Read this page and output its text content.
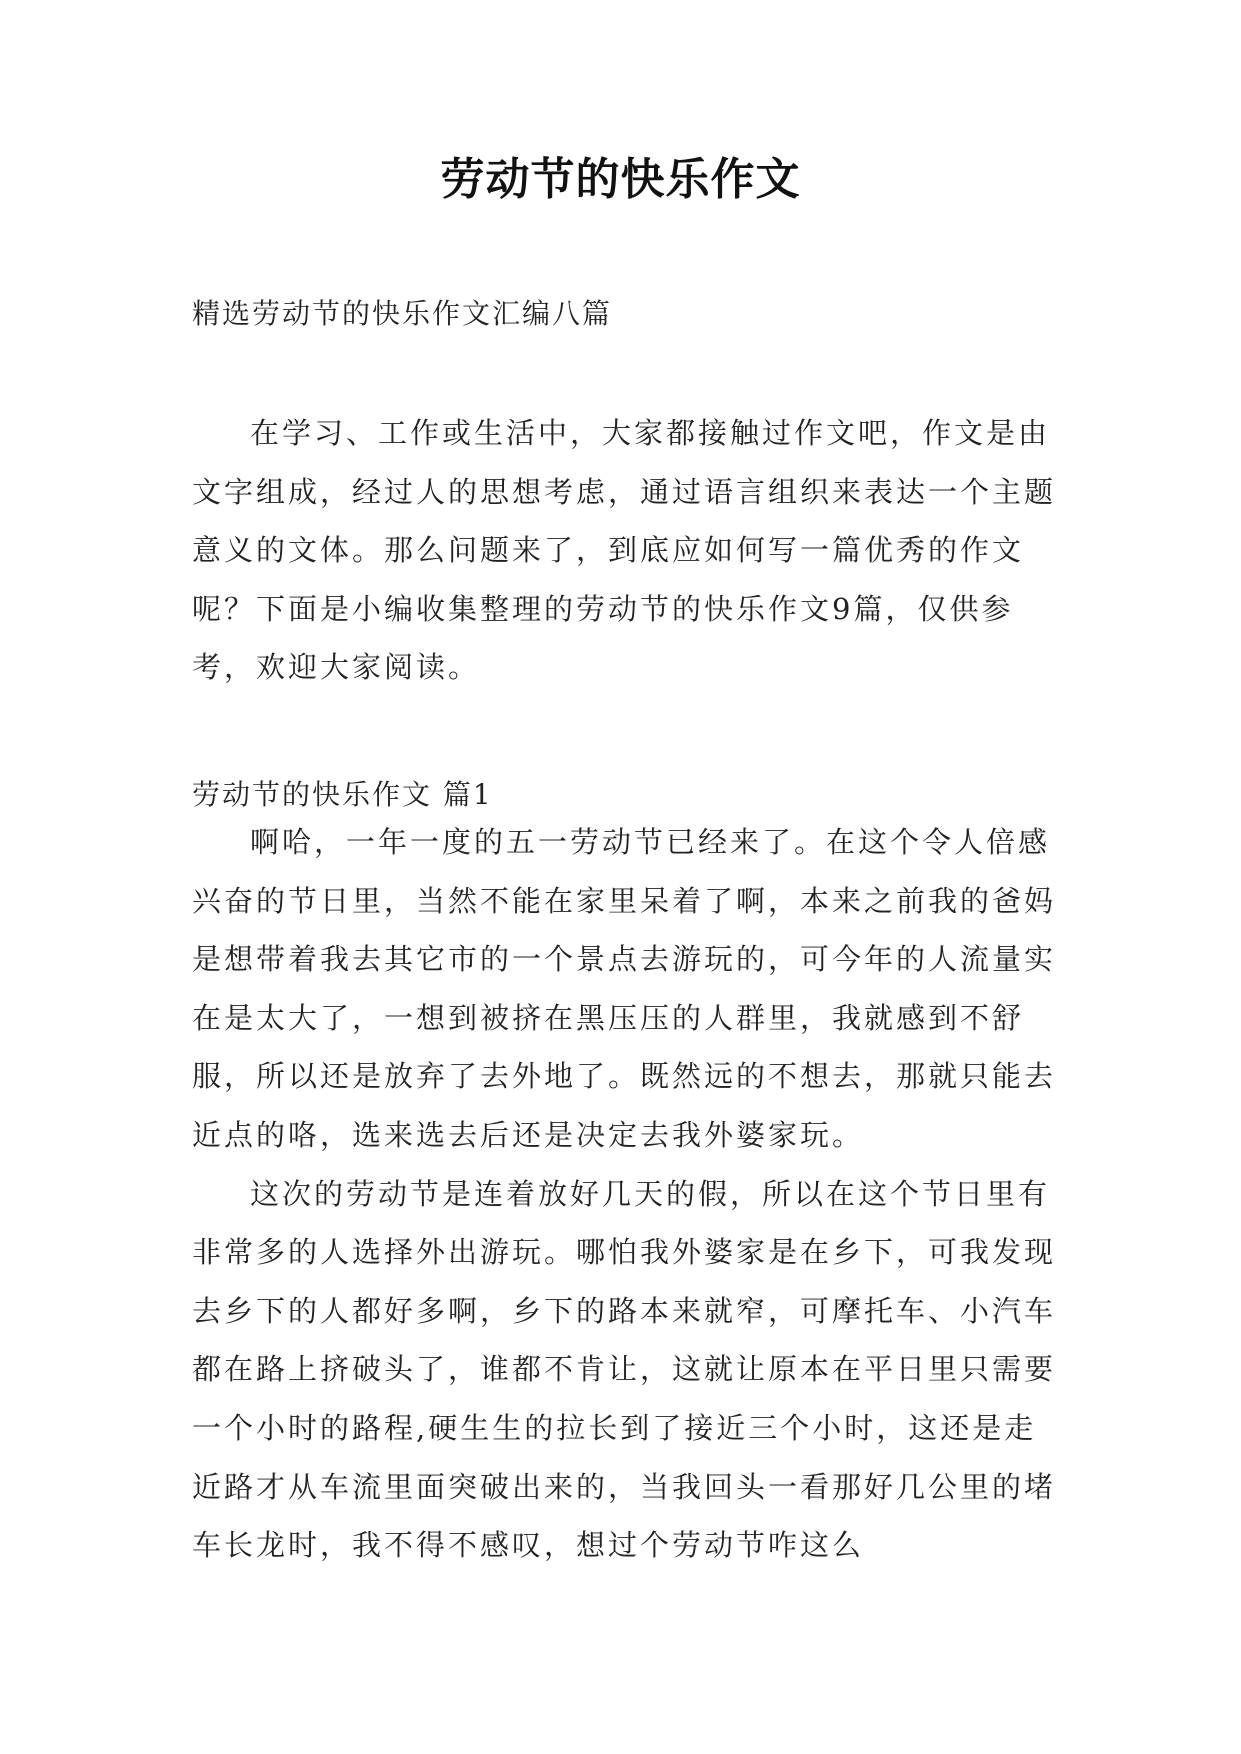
劳动节的快乐作文
精选劳动节的快乐作文汇编八篇

在学习、工作或生活中，大家都接触过作文吧，作文是由文字组成，经过人的思想考虑，通过语言组织来表达一个主题意义的文体。那么问题来了，到底应如何写一篇优秀的作文呢？下面是小编收集整理的劳动节的快乐作文9篇，仅供参考，欢迎大家阅读。

劳动节的快乐作文 篇1

啊哈，一年一度的五一劳动节已经来了。在这个令人倍感兴奋的节日里，当然不能在家里呆着了啊，本来之前我的爸妈是想带着我去其它市的一个景点去游玩的，可今年的人流量实在是太大了，一想到被挤在黑压压的人群里，我就感到不舒服，所以还是放弃了去外地了。既然远的不想去，那就只能去近点的咯，选来选去后还是决定去我外婆家玩。

这次的劳动节是连着放好几天的假，所以在这个节日里有非常多的人选择外出游玩。哪怕我外婆家是在乡下，可我发现去乡下的人都好多啊，乡下的路本来就窄，可摩托车、小汽车都在路上挤破头了，谁都不肯让，这就让原本在平日里只需要一个小时的路程,硬生生的拉长到了接近三个小时，这还是走近路才从车流里面突破出来的，当我回头一看那好几公里的堵车长龙时，我不得不感叹，想过个劳动节咋这么
